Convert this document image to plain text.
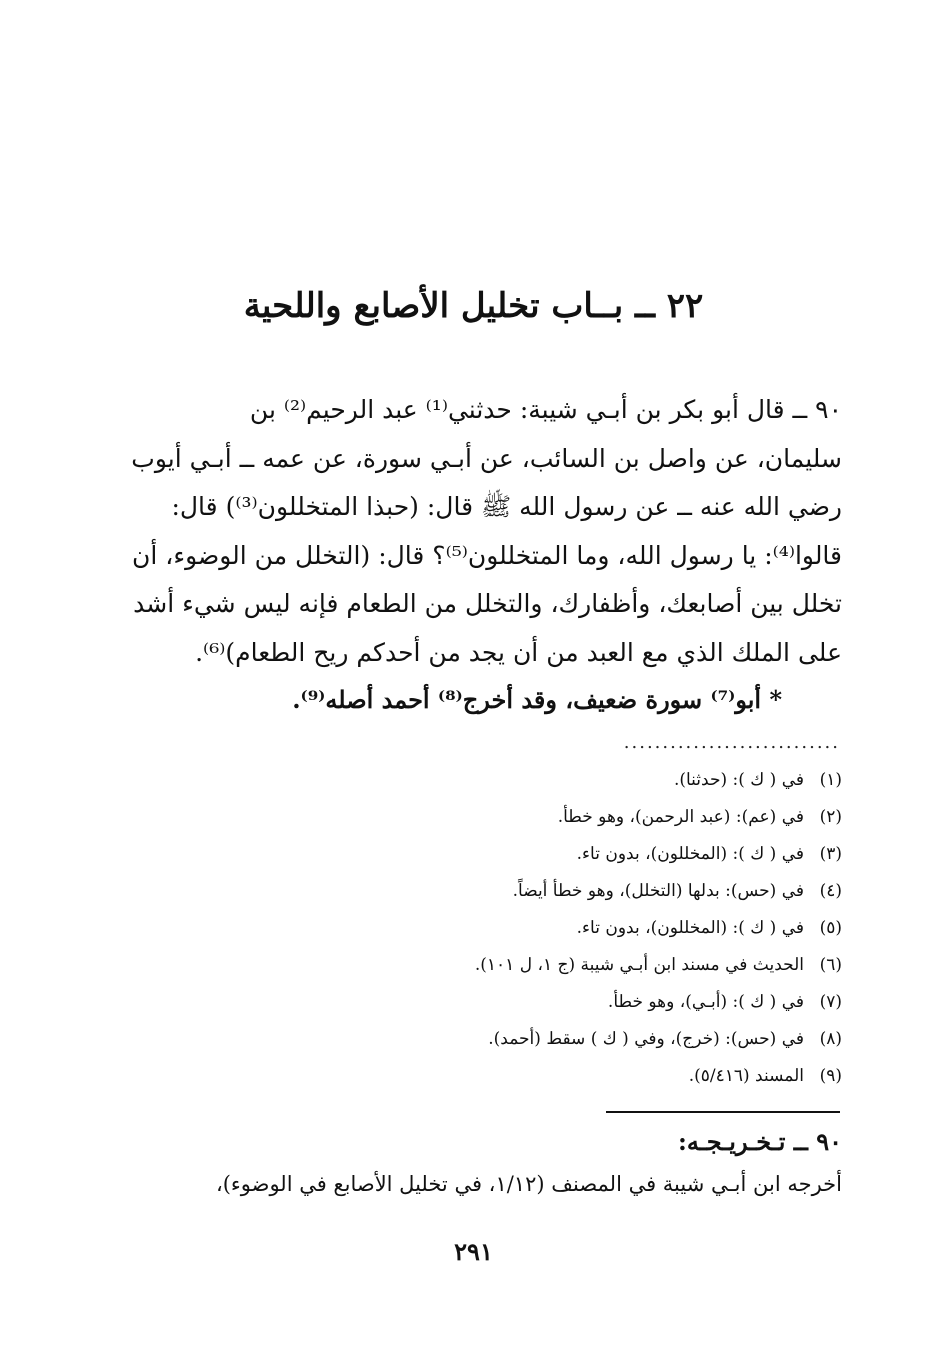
٢٢ ــ بــاب تخليل الأصابع واللحية

٩٠ ــ قال أبو بكر بن أبـي شيبة: حدثني⁽¹⁾ عبد الرحيم⁽²⁾ بن

سليمان، عن واصل بن السائب، عن أبـي سورة، عن عمه ــ أبـي أيوب

رضي الله عنه ــ عن رسول الله ﷺ قال: (حبذا المتخللون⁽³⁾) قال:

قالوا⁽⁴⁾: يا رسول الله، وما المتخللون⁽⁵⁾؟ قال: (التخلل من الوضوء، أن

تخلل بين أصابعك، وأظفارك، والتخلل من الطعام فإنه ليس شيء أشد

على الملك الذي مع العبد من أن يجد من أحدكم ريح الطعام)⁽⁶⁾.

* أبو⁽⁷⁾ سورة ضعيف، وقد أخرج⁽⁸⁾ أحمد أصله⁽⁹⁾.
............................
(١)
في ( ك ): (حدثنا).
(٢)
في (عم): (عبد الرحمن)، وهو خطأ.
(٣)
في ( ك ): (المخللون)، بدون تاء.
(٤)
في (حس): بدلها (التخلل)، وهو خطأ أيضاً.
(٥)
في ( ك ): (المخللون)، بدون تاء.
(٦)
الحديث في مسند ابن أبـي شيبة (ج ١، ل ١٠١).
(٧)
في ( ك ): (أبـي)، وهو خطأ.
(٨)
في (حس): (خرج)، وفي ( ك ) سقط (أحمد).
(٩)
المسند (٥/٤١٦).
٩٠ ــ تـخـريـجـه:
أخرجه ابن أبـي شيبة في المصنف (١/١٢، في تخليل الأصابع في الوضوء)،
٢٩١
